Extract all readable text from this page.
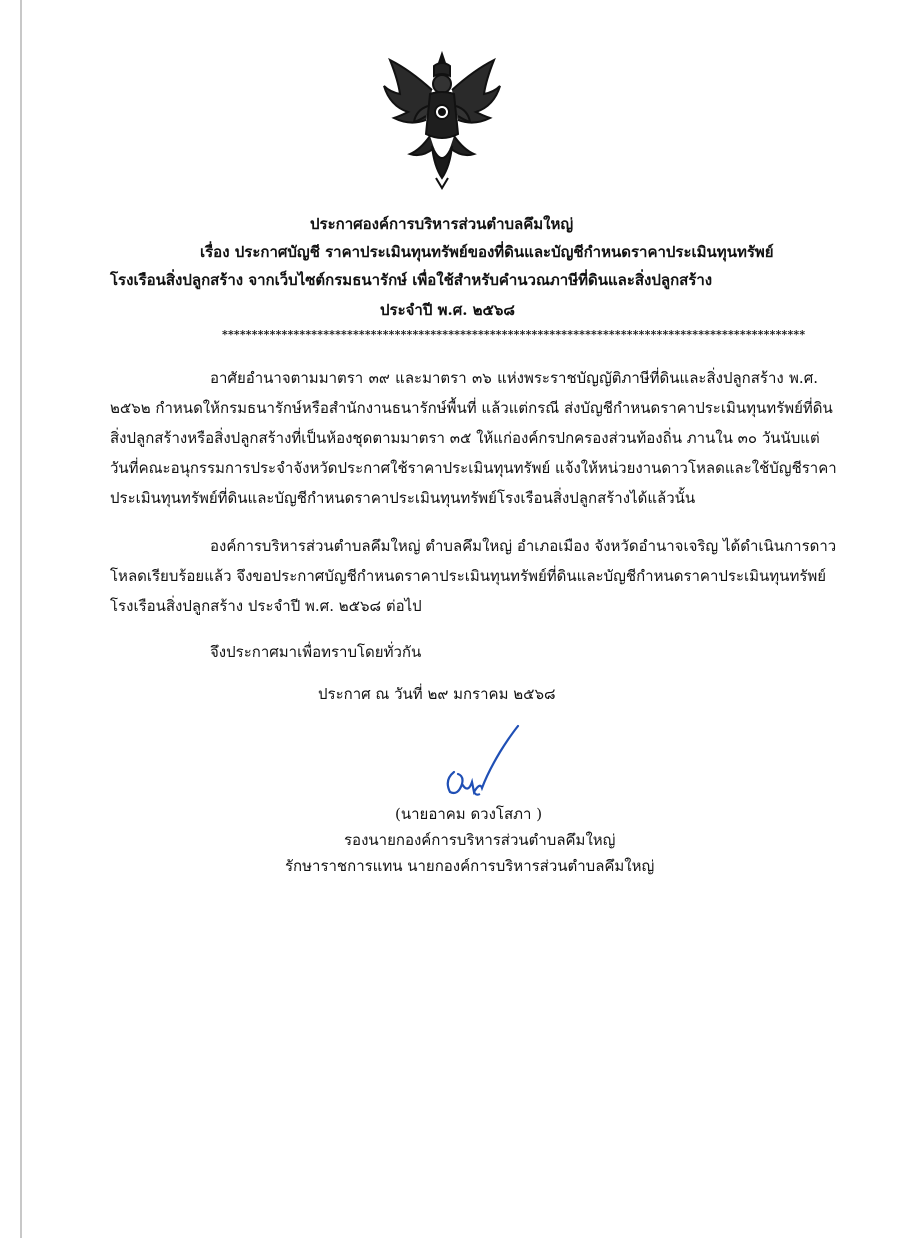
ประกาศองค์การบริหารส่วนตำบลคึมใหญ่
เรื่อง ประกาศบัญชี ราคาประเมินทุนทรัพย์ของที่ดินและบัญชีกำหนดราคาประเมินทุนทรัพย์
โรงเรือนสิ่งปลูกสร้าง จากเว็บไซต์กรมธนารักษ์ เพื่อใช้สำหรับคำนวณภาษีที่ดินและสิ่งปลูกสร้าง
ประจำปี พ.ศ. ๒๕๖๘
**************************************************************************************************
อาศัยอำนาจตามมาตรา ๓๙ และมาตรา ๓๖ แห่งพระราชบัญญัติภาษีที่ดินและสิ่งปลูกสร้าง พ.ศ.
๒๕๖๒ กำหนดให้กรมธนารักษ์หรือสำนักงานธนารักษ์พื้นที่ แล้วแต่กรณี ส่งบัญชีกำหนดราคาประเมินทุนทรัพย์ที่ดิน
สิ่งปลูกสร้างหรือสิ่งปลูกสร้างที่เป็นห้องชุดตามมาตรา ๓๕ ให้แก่องค์กรปกครองส่วนท้องถิ่น ภานใน ๓๐ วันนับแต่
วันที่คณะอนุกรรมการประจำจังหวัดประกาศใช้ราคาประเมินทุนทรัพย์ แจ้งให้หน่วยงานดาวโหลดและใช้บัญชีราคา
ประเมินทุนทรัพย์ที่ดินและบัญชีกำหนดราคาประเมินทุนทรัพย์โรงเรือนสิ่งปลูกสร้างได้แล้วนั้น
องค์การบริหารส่วนตำบลคึมใหญ่ ตำบลคึมใหญ่ อำเภอเมือง จังหวัดอำนาจเจริญ ได้ดำเนินการดาว
โหลดเรียบร้อยแล้ว จึงขอประกาศบัญชีกำหนดราคาประเมินทุนทรัพย์ที่ดินและบัญชีกำหนดราคาประเมินทุนทรัพย์
โรงเรือนสิ่งปลูกสร้าง ประจำปี พ.ศ. ๒๕๖๘ ต่อไป
จึงประกาศมาเพื่อทราบโดยทั่วกัน
ประกาศ ณ วันที่ ๒๙ มกราคม ๒๕๖๘
(นายอาคม ดวงโสภา )
รองนายกองค์การบริหารส่วนตำบลคึมใหญ่
รักษาราชการแทน นายกองค์การบริหารส่วนตำบลคึมใหญ่
